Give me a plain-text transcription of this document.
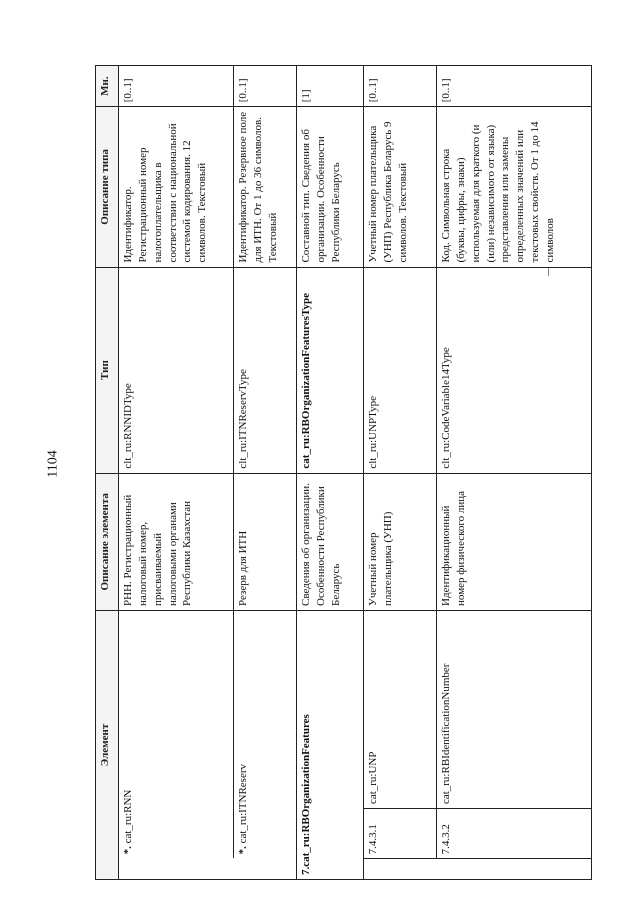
1104
Элемент			Описание элемента	Тип	Описание типа	Мн.
	*. cat_ru:RNN		РНН. Регистрационный налоговый номер, присваиваемый налоговыми органами Республики Казахстан	clt_ru:RNNIDType	Идентификатор. Регистрационный номер налогоплательщика в соответствии с национальной системой кодирования. 12 символов. Текстовый	[0..1]
	*. cat_ru:ITNReserv		Резерв для ИТН	clt_ru:ITNReservType	Идентификатор. Резервное поле для ИТН. От 1 до 36 символов. Текстовый	[0..1]
7.cat_ru:RBOrganizationFeatures			Сведения об организации. Особенности Республики Беларусь	cat_ru:RBOrganizationFeaturesType	Составной тип. Сведения об организации. Особенности Республики Беларусь	[1]
	7.4.3.1	cat_ru:UNP	Учетный номер плательщика (УНП)	clt_ru:UNPType	Учетный номер плательщика (УНП) Республика Беларусь 9 символов. Текстовый	[0..1]
	7.4.3.2	cat_ru:RBIdentificationNumber	Идентификационный номер физического лица	clt_ru:CodeVariable14Type	Код. Символьная строка (буквы, цифры, знаки) используемая для краткого (и (или) независимого от языка) представления или замены определенных значений или текстовых свойств. От 1 до 14 символов	[0..1]
